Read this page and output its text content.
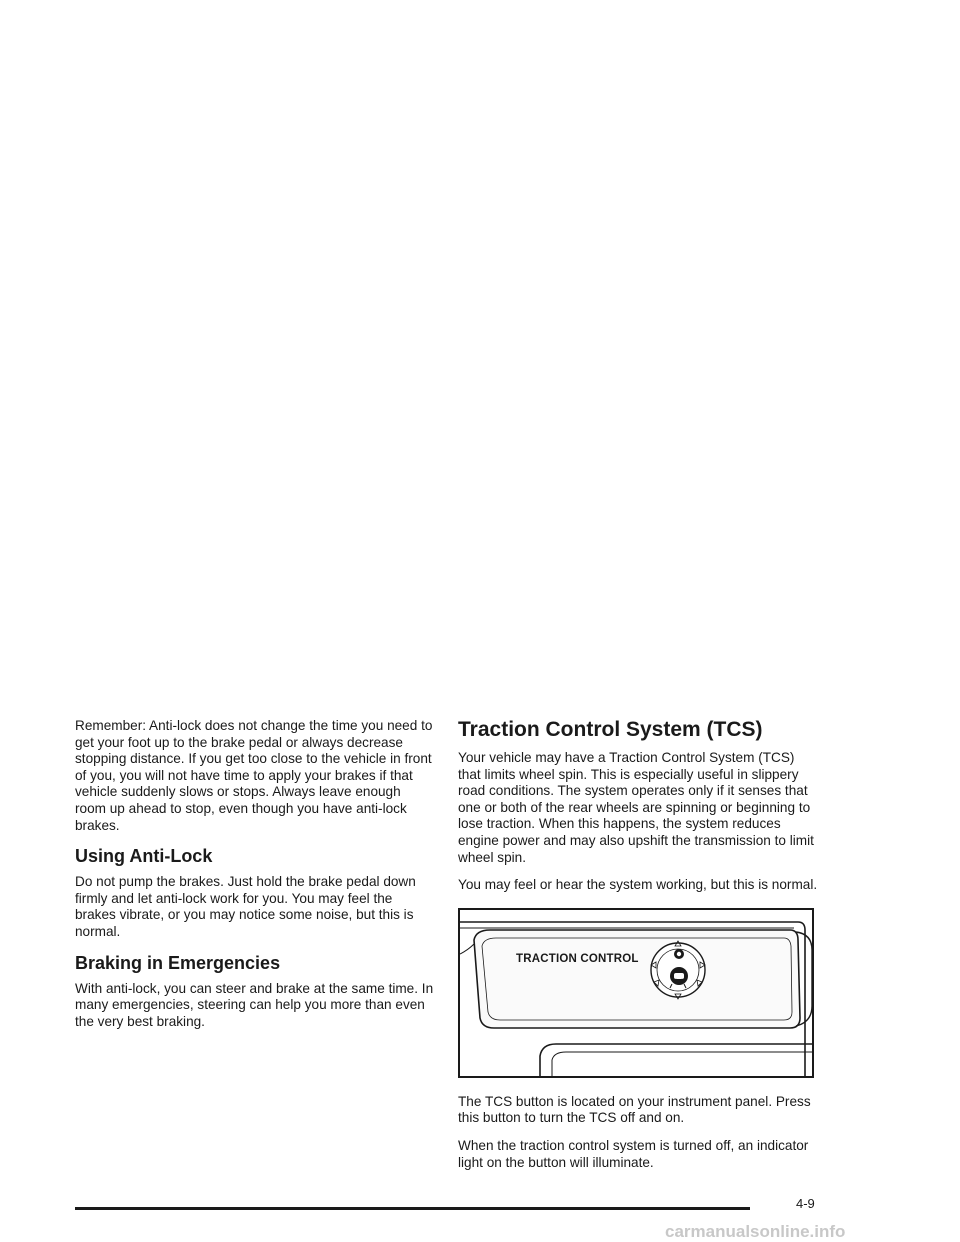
Remember: Anti-lock does not change the time you need to get your foot up to the brake pedal or always decrease stopping distance. If you get too close to the vehicle in front of you, you will not have time to apply your brakes if that vehicle suddenly slows or stops. Always leave enough room up ahead to stop, even though you have anti-lock brakes.

Using Anti-Lock

Do not pump the brakes. Just hold the brake pedal down firmly and let anti-lock work for you. You may feel the brakes vibrate, or you may notice some noise, but this is normal.

Braking in Emergencies

With anti-lock, you can steer and brake at the same time. In many emergencies, steering can help you more than even the very best braking.

Traction Control System (TCS)

Your vehicle may have a Traction Control System (TCS) that limits wheel spin. This is especially useful in slippery road conditions. The system operates only if it senses that one or both of the rear wheels are spinning or beginning to lose traction. When this happens, the system reduces engine power and may also upshift the transmission to limit wheel spin.

You may feel or hear the system working, but this is normal.

TRACTION CONTROL

The TCS button is located on your instrument panel. Press this button to turn the TCS off and on.

When the traction control system is turned off, an indicator light on the button will illuminate.

4-9
carmanualsonline.info
